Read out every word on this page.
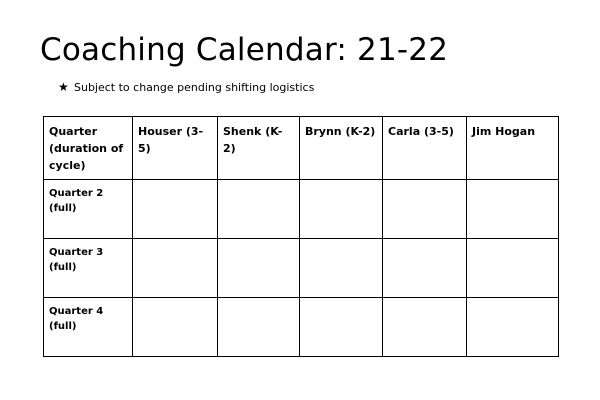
Coaching Calendar: 21-22
★ Subject to change pending shifting logistics
Quarter (duration of cycle)	Houser (3-5)	Shenk (K-2)	Brynn (K-2)	Carla (3-5)	Jim Hogan
Quarter 2 (full)					
Quarter 3 (full)					
Quarter 4 (full)					
